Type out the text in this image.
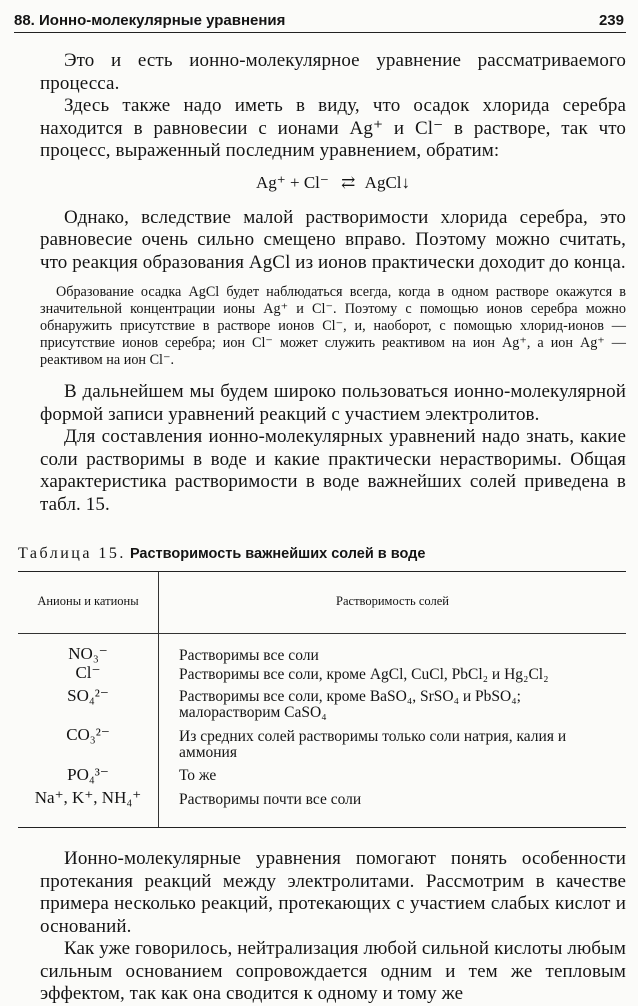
88. Ионно-молекулярные уравнения	239

Это и есть ионно-молекулярное уравнение рассматриваемого процесса.

Здесь также надо иметь в виду, что осадок хлорида серебра находится в равновесии с ионами Ag⁺ и Cl⁻ в растворе, так что процесс, выраженный последним уравнением, обратим:

Ag⁺ + Cl⁻ ⇄ AgCl↓

Однако, вследствие малой растворимости хлорида серебра, это равновесие очень сильно смещено вправо. Поэтому можно считать, что реакция образования AgCl из ионов практически доходит до конца.

Образование осадка AgCl будет наблюдаться всегда, когда в одном растворе окажутся в значительной концентрации ионы Ag⁺ и Cl⁻. Поэтому с помощью ионов серебра можно обнаружить присутствие в растворе ионов Cl⁻, и, наоборот, с помощью хлорид-ионов — присутствие ионов серебра; ион Cl⁻ может служить реактивом на ион Ag⁺, а ион Ag⁺ — реактивом на ион Cl⁻.

В дальнейшем мы будем широко пользоваться ионно-молекулярной формой записи уравнений реакций с участием электролитов.

Для составления ионно-молекулярных уравнений надо знать, какие соли растворимы в воде и какие практически нерастворимы. Общая характеристика растворимости в воде важнейших солей приведена в табл. 15.

Таблица 15. Растворимость важнейших солей в воде
Анионы и катионы	Растворимость солей
NO₃⁻	Растворимы все соли
Cl⁻	Растворимы все соли, кроме AgCl, CuCl, PbCl₂ и Hg₂Cl₂
SO₄²⁻	Растворимы все соли, кроме BaSO₄, SrSO₄ и PbSO₄; малорастворим CaSO₄
CO₃²⁻	Из средних солей растворимы только соли натрия, калия и аммония
PO₄³⁻	То же
Na⁺, K⁺, NH₄⁺	Растворимы почти все соли

Ионно-молекулярные уравнения помогают понять особенности протекания реакций между электролитами. Рассмотрим в качестве примера несколько реакций, протекающих с участием слабых кислот и оснований.

Как уже говорилось, нейтрализация любой сильной кислоты любым сильным основанием сопровождается одним и тем же тепловым эффектом, так как она сводится к одному и тому же
